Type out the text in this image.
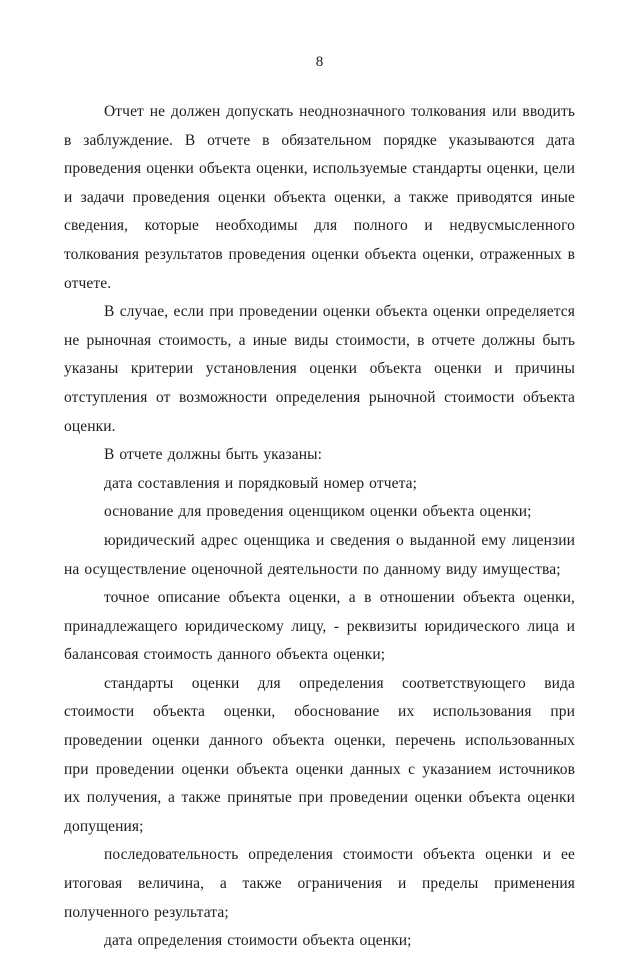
8

Отчет не должен допускать неоднозначного толкования или вводить в заблуждение. В отчете в обязательном порядке указываются дата проведения оценки объекта оценки, используемые стандарты оценки, цели и задачи проведения оценки объекта оценки, а также приводятся иные сведения, которые необходимы для полного и недвусмысленного толкования результатов проведения оценки объекта оценки, отраженных в отчете.

В случае, если при проведении оценки объекта оценки определяется не рыночная стоимость, а иные виды стоимости, в отчете должны быть указаны критерии установления оценки объекта оценки и причины отступления от возможности определения рыночной стоимости объекта оценки.

В отчете должны быть указаны:

дата составления и порядковый номер отчета;

основание для проведения оценщиком оценки объекта оценки;

юридический адрес оценщика и сведения о выданной ему лицензии на осуществление оценочной деятельности по данному виду имущества;

точное описание объекта оценки, а в отношении объекта оценки, принадлежащего юридическому лицу, - реквизиты юридического лица и балансовая стоимость данного объекта оценки;

стандарты оценки для определения соответствующего вида стоимости объекта оценки, обоснование их использования при проведении оценки данного объекта оценки, перечень использованных при проведении оценки объекта оценки данных с указанием источников их получения, а также принятые при проведении оценки объекта оценки допущения;

последовательность определения стоимости объекта оценки и ее итоговая величина, а также ограничения и пределы применения полученного результата;

дата определения стоимости объекта оценки;
